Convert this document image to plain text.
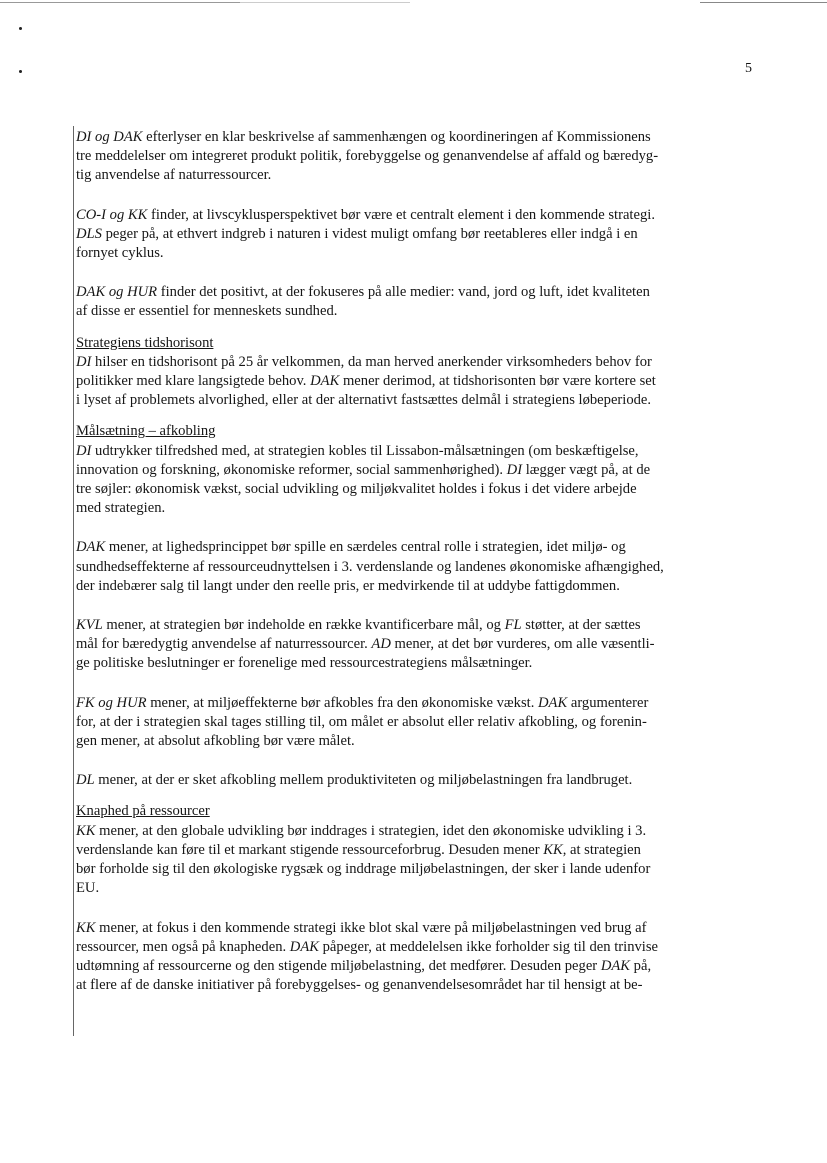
5
DI og DAK efterlyser en klar beskrivelse af sammenhængen og koordineringen af Kommissionens
tre meddelelser om integreret produkt politik, forebyggelse og genanvendelse af affald og bæredyg-
tig anvendelse af naturressourcer.
CO-I og KK finder, at livscyklusperspektivet bør være et centralt element i den kommende strategi.
DLS peger på, at ethvert indgreb i naturen i videst muligt omfang bør reetableres eller indgå i en
fornyet cyklus.
DAK og HUR finder det positivt, at der fokuseres på alle medier: vand, jord og luft, idet kvaliteten
af disse er essentiel for menneskets sundhed.
Strategiens tidshorisont
DI hilser en tidshorisont på 25 år velkommen, da man herved anerkender virksomheders behov for
politikker med klare langsigtede behov. DAK mener derimod, at tidshorisonten bør være kortere set
i lyset af problemets alvorlighed, eller at der alternativt fastsættes delmål i strategiens løbeperiode.
Målsætning – afkobling
DI udtrykker tilfredshed med, at strategien kobles til Lissabon-målsætningen (om beskæftigelse,
innovation og forskning, økonomiske reformer, social sammenhørighed). DI lægger vægt på, at de
tre søjler: økonomisk vækst, social udvikling og miljøkvalitet holdes i fokus i det videre arbejde
med strategien.
DAK mener, at lighedsprincippet bør spille en særdeles central rolle i strategien, idet miljø- og
sundhedseffekterne af ressourceudnyttelsen i 3. verdenslande og landenes økonomiske afhængighed,
der indebærer salg til langt under den reelle pris, er medvirkende til at uddybe fattigdommen.
KVL mener, at strategien bør indeholde en række kvantificerbare mål, og FL støtter, at der sættes
mål for bæredygtig anvendelse af naturressourcer. AD mener, at det bør vurderes, om alle væsentli-
ge politiske beslutninger er forenelige med ressourcestrategiens målsætninger.
FK og HUR mener, at miljøeffekterne bør afkobles fra den økonomiske vækst. DAK argumenterer
for, at der i strategien skal tages stilling til, om målet er absolut eller relativ afkobling, og forenin-
gen mener, at absolut afkobling bør være målet.
DL mener, at der er sket afkobling mellem produktiviteten og miljøbelastningen fra landbruget.
Knaphed på ressourcer
KK mener, at den globale udvikling bør inddrages i strategien, idet den økonomiske udvikling i 3.
verdenslande kan føre til et markant stigende ressourceforbrug. Desuden mener KK, at strategien
bør forholde sig til den økologiske rygsæk og inddrage miljøbelastningen, der sker i lande udenfor
EU.
KK mener, at fokus i den kommende strategi ikke blot skal være på miljøbelastningen ved brug af
ressourcer, men også på knapheden. DAK påpeger, at meddelelsen ikke forholder sig til den trinvise
udtømning af ressourcerne og den stigende miljøbelastning, det medfører. Desuden peger DAK på,
at flere af de danske initiativer på forebyggelses- og genanvendelsesområdet har til hensigt at be-
